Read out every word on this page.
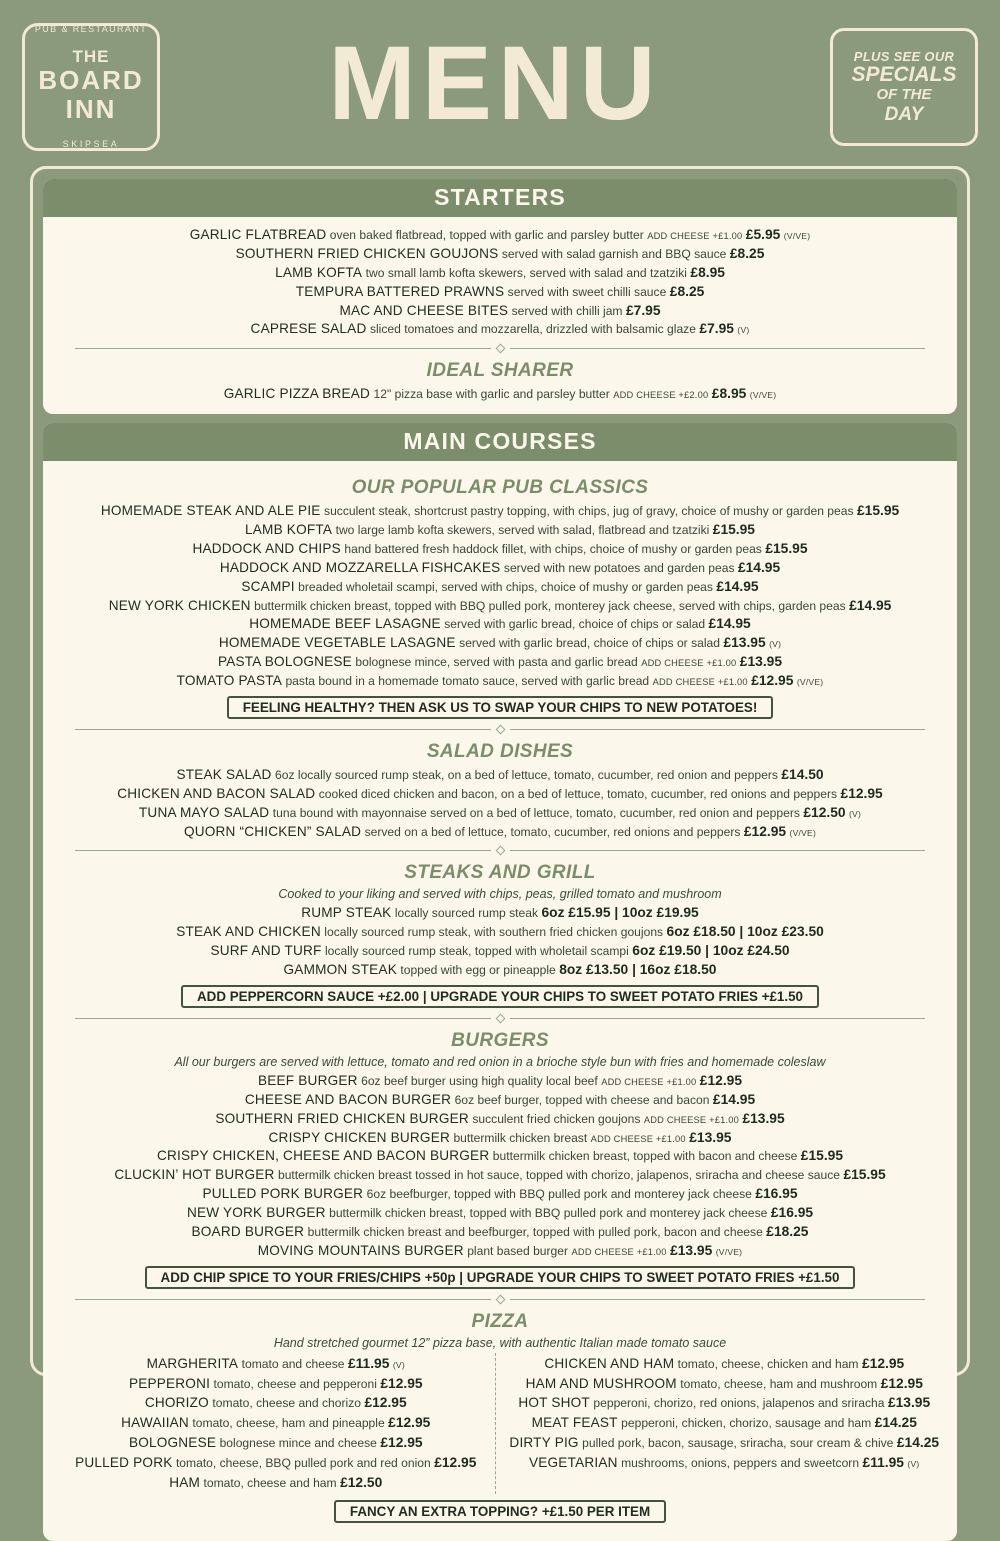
PUB & RESTAURANT
THE
BOARD
INN
SKIPSEA
MENU	PLUS SEE OUR
SPECIALS
OF THE
DAY
STARTERS
GARLIC FLATBREAD oven baked flatbread, topped with garlic and parsley butter ADD CHEESE +£1.00 £5.95 (V/VE)
SOUTHERN FRIED CHICKEN GOUJONS served with salad garnish and BBQ sauce £8.25
LAMB KOFTA two small lamb kofta skewers, served with salad and tzatziki £8.95
TEMPURA BATTERED PRAWNS served with sweet chilli sauce £8.25
MAC AND CHEESE BITES served with chilli jam £7.95
CAPRESE SALAD sliced tomatoes and mozzarella, drizzled with balsamic glaze £7.95 (V)
IDEAL SHARER
GARLIC PIZZA BREAD 12" pizza base with garlic and parsley butter ADD CHEESE +£2.00 £8.95 (V/VE)
MAIN COURSES
OUR POPULAR PUB CLASSICS
HOMEMADE STEAK AND ALE PIE succulent steak, shortcrust pastry topping, with chips, jug of gravy, choice of mushy or garden peas £15.95
LAMB KOFTA two large lamb kofta skewers, served with salad, flatbread and tzatziki £15.95
HADDOCK AND CHIPS hand battered fresh haddock fillet, with chips, choice of mushy or garden peas £15.95
HADDOCK AND MOZZARELLA FISHCAKES served with new potatoes and garden peas £14.95
SCAMPI breaded wholetail scampi, served with chips, choice of mushy or garden peas £14.95
NEW YORK CHICKEN buttermilk chicken breast, topped with BBQ pulled pork, monterey jack cheese, served with chips, garden peas £14.95
HOMEMADE BEEF LASAGNE served with garlic bread, choice of chips or salad £14.95
HOMEMADE VEGETABLE LASAGNE served with garlic bread, choice of chips or salad £13.95 (V)
PASTA BOLOGNESE bolognese mince, served with pasta and garlic bread ADD CHEESE +£1.00 £13.95
TOMATO PASTA pasta bound in a homemade tomato sauce, served with garlic bread ADD CHEESE +£1.00 £12.95 (V/VE)
FEELING HEALTHY? THEN ASK US TO SWAP YOUR CHIPS TO NEW POTATOES!
SALAD DISHES
STEAK SALAD 6oz locally sourced rump steak, on a bed of lettuce, tomato, cucumber, red onion and peppers £14.50
CHICKEN AND BACON SALAD cooked diced chicken and bacon, on a bed of lettuce, tomato, cucumber, red onions and peppers £12.95
TUNA MAYO SALAD tuna bound with mayonnaise served on a bed of lettuce, tomato, cucumber, red onion and peppers £12.50 (V)
QUORN “CHICKEN” SALAD served on a bed of lettuce, tomato, cucumber, red onions and peppers £12.95 (V/VE)
STEAKS AND GRILL
Cooked to your liking and served with chips, peas, grilled tomato and mushroom
RUMP STEAK locally sourced rump steak 6oz £15.95 | 10oz £19.95
STEAK AND CHICKEN locally sourced rump steak, with southern fried chicken goujons 6oz £18.50 | 10oz £23.50
SURF AND TURF locally sourced rump steak, topped with wholetail scampi 6oz £19.50 | 10oz £24.50
GAMMON STEAK topped with egg or pineapple 8oz £13.50 | 16oz £18.50
ADD PEPPERCORN SAUCE +£2.00 | UPGRADE YOUR CHIPS TO SWEET POTATO FRIES +£1.50
BURGERS
All our burgers are served with lettuce, tomato and red onion in a brioche style bun with fries and homemade coleslaw
BEEF BURGER 6oz beef burger using high quality local beef ADD CHEESE +£1.00 £12.95
CHEESE AND BACON BURGER 6oz beef burger, topped with cheese and bacon £14.95
SOUTHERN FRIED CHICKEN BURGER succulent fried chicken goujons ADD CHEESE +£1.00 £13.95
CRISPY CHICKEN BURGER buttermilk chicken breast ADD CHEESE +£1.00 £13.95
CRISPY CHICKEN, CHEESE AND BACON BURGER buttermilk chicken breast, topped with bacon and cheese £15.95
CLUCKIN’ HOT BURGER buttermilk chicken breast tossed in hot sauce, topped with chorizo, jalapenos, sriracha and cheese sauce £15.95
PULLED PORK BURGER 6oz beefburger, topped with BBQ pulled pork and monterey jack cheese £16.95
NEW YORK BURGER buttermilk chicken breast, topped with BBQ pulled pork and monterey jack cheese £16.95
BOARD BURGER buttermilk chicken breast and beefburger, topped with pulled pork, bacon and cheese £18.25
MOVING MOUNTAINS BURGER plant based burger ADD CHEESE +£1.00 £13.95 (V/VE)
ADD CHIP SPICE TO YOUR FRIES/CHIPS +50p | UPGRADE YOUR CHIPS TO SWEET POTATO FRIES +£1.50
PIZZA
Hand stretched gourmet 12” pizza base, with authentic Italian made tomato sauce
MARGHERITA tomato and cheese £11.95 (V)
PEPPERONI tomato, cheese and pepperoni £12.95
CHORIZO tomato, cheese and chorizo £12.95
HAWAIIAN tomato, cheese, ham and pineapple £12.95
BOLOGNESE bolognese mince and cheese £12.95
PULLED PORK tomato, cheese, BBQ pulled pork and red onion £12.95
HAM tomato, cheese and ham £12.50
CHICKEN AND HAM tomato, cheese, chicken and ham £12.95
HAM AND MUSHROOM tomato, cheese, ham and mushroom £12.95
HOT SHOT pepperoni, chorizo, red onions, jalapenos and sriracha £13.95
MEAT FEAST pepperoni, chicken, chorizo, sausage and ham £14.25
DIRTY PIG pulled pork, bacon, sausage, sriracha, sour cream & chive £14.25
VEGETARIAN mushrooms, onions, peppers and sweetcorn £11.95 (V)
FANCY AN EXTRA TOPPING? +£1.50 PER ITEM
